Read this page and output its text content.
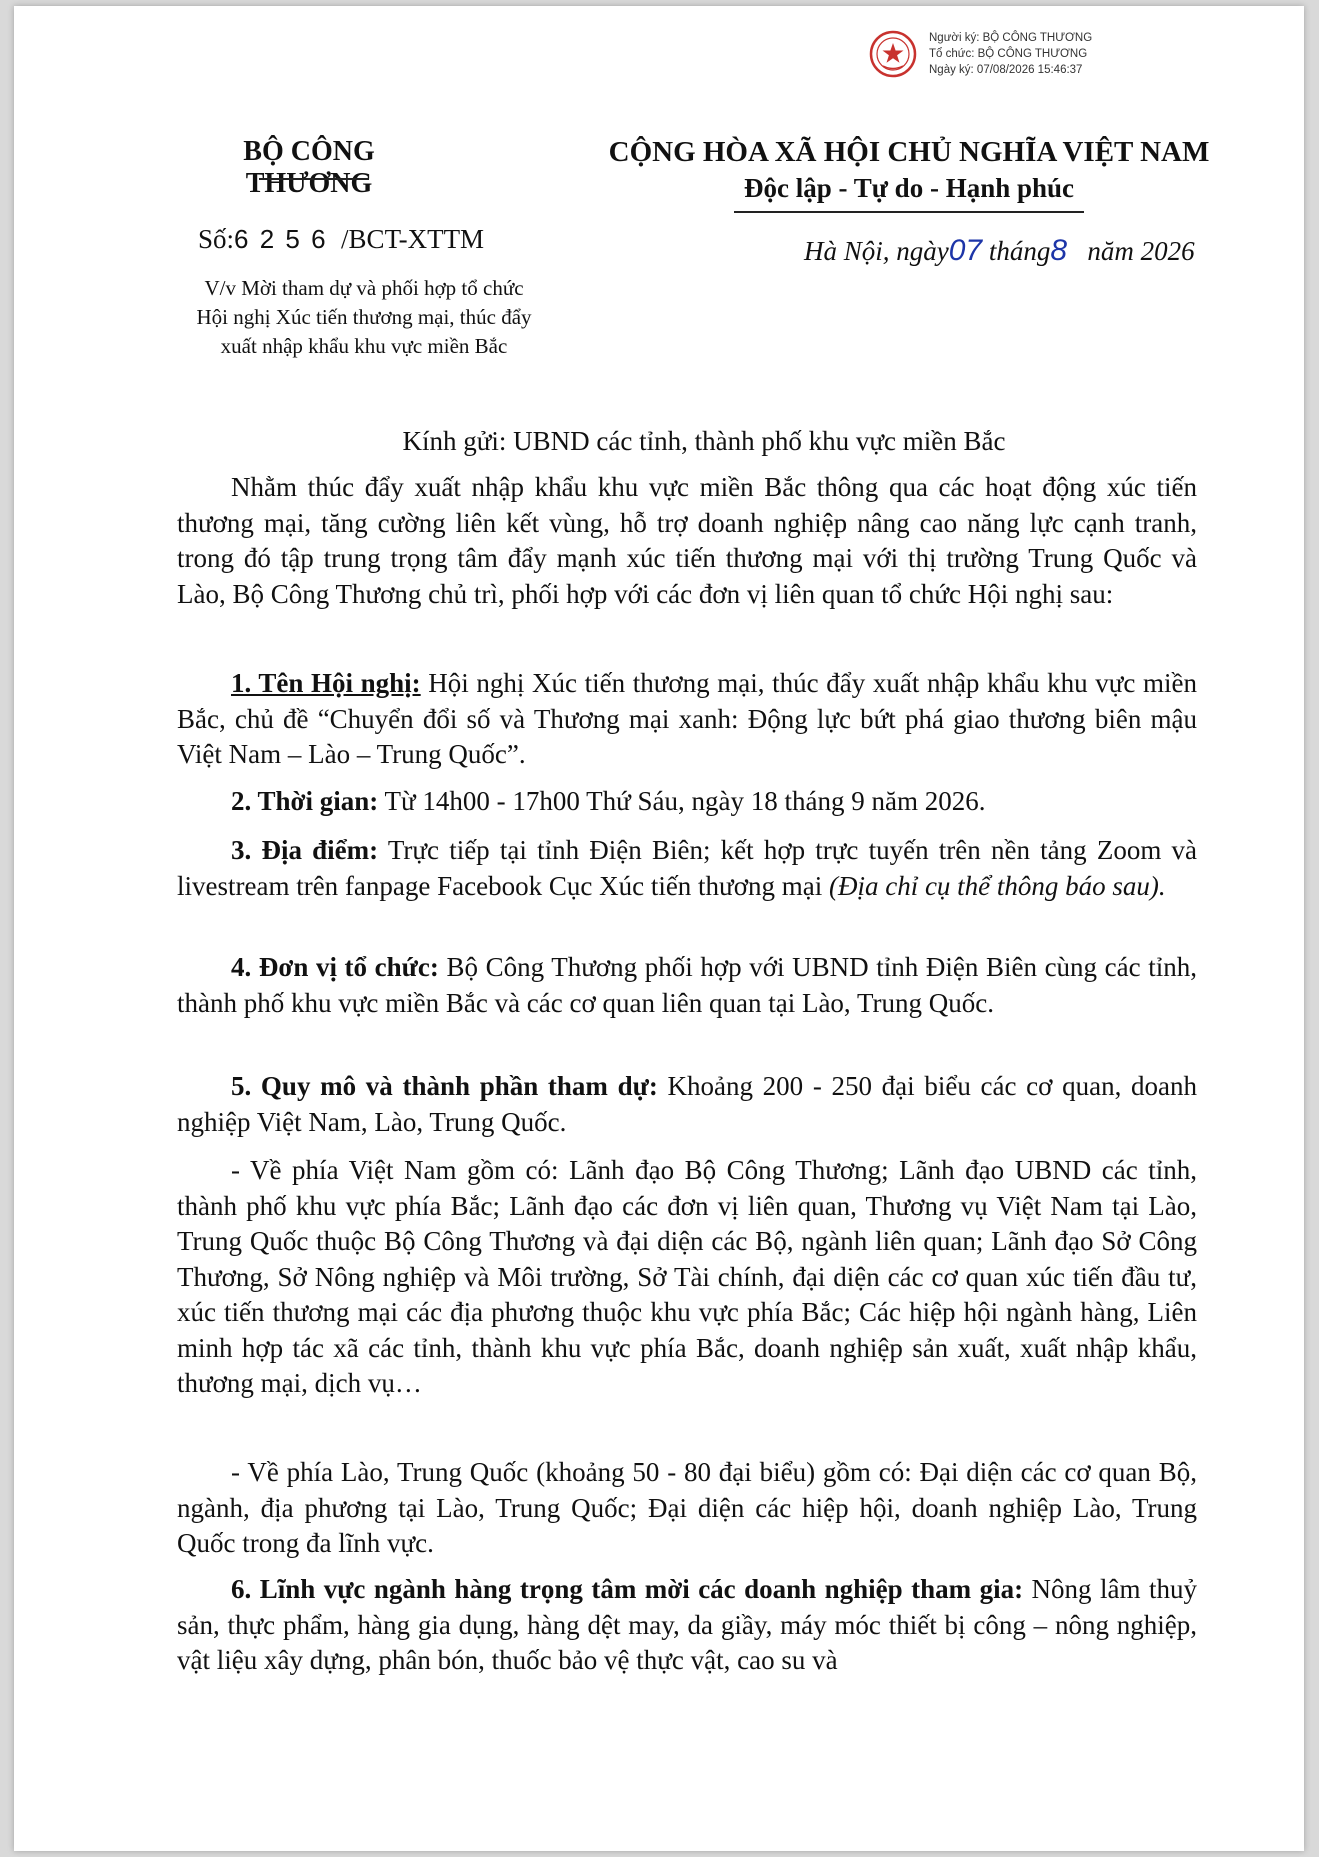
Người ký: BỘ CÔNG THƯƠNG
Tổ chức: BỘ CÔNG THƯƠNG
Ngày ký: 07/08/2026 15:46:37
BỘ CÔNG THƯƠNG
CỘNG HÒA XÃ HỘI CHỦ NGHĨA VIỆT NAM
Độc lập - Tự do - Hạnh phúc
Số:6 2 5 6 /BCT-XTTM	Hà Nội, ngày07 tháng8 năm 2026
V/v Mời tham dự và phối hợp tổ chức
Hội nghị Xúc tiến thương mại, thúc đẩy
xuất nhập khẩu khu vực miền Bắc
Kính gửi: UBND các tỉnh, thành phố khu vực miền Bắc
Nhằm thúc đẩy xuất nhập khẩu khu vực miền Bắc thông qua các hoạt động xúc tiến thương mại, tăng cường liên kết vùng, hỗ trợ doanh nghiệp nâng cao năng lực cạnh tranh, trong đó tập trung trọng tâm đẩy mạnh xúc tiến thương mại với thị trường Trung Quốc và Lào, Bộ Công Thương chủ trì, phối hợp với các đơn vị liên quan tổ chức Hội nghị sau:
1. Tên Hội nghị: Hội nghị Xúc tiến thương mại, thúc đẩy xuất nhập khẩu khu vực miền Bắc, chủ đề “Chuyển đổi số và Thương mại xanh: Động lực bứt phá giao thương biên mậu Việt Nam – Lào – Trung Quốc”.
2. Thời gian: Từ 14h00 - 17h00 Thứ Sáu, ngày 18 tháng 9 năm 2026.
3. Địa điểm: Trực tiếp tại tỉnh Điện Biên; kết hợp trực tuyến trên nền tảng Zoom và livestream trên fanpage Facebook Cục Xúc tiến thương mại (Địa chỉ cụ thể thông báo sau).
4. Đơn vị tổ chức: Bộ Công Thương phối hợp với UBND tỉnh Điện Biên cùng các tỉnh, thành phố khu vực miền Bắc và các cơ quan liên quan tại Lào, Trung Quốc.
5. Quy mô và thành phần tham dự: Khoảng 200 - 250 đại biểu các cơ quan, doanh nghiệp Việt Nam, Lào, Trung Quốc.
- Về phía Việt Nam gồm có: Lãnh đạo Bộ Công Thương; Lãnh đạo UBND các tỉnh, thành phố khu vực phía Bắc; Lãnh đạo các đơn vị liên quan, Thương vụ Việt Nam tại Lào, Trung Quốc thuộc Bộ Công Thương và đại diện các Bộ, ngành liên quan; Lãnh đạo Sở Công Thương, Sở Nông nghiệp và Môi trường, Sở Tài chính, đại diện các cơ quan xúc tiến đầu tư, xúc tiến thương mại các địa phương thuộc khu vực phía Bắc; Các hiệp hội ngành hàng, Liên minh hợp tác xã các tỉnh, thành khu vực phía Bắc, doanh nghiệp sản xuất, xuất nhập khẩu, thương mại, dịch vụ…
- Về phía Lào, Trung Quốc (khoảng 50 - 80 đại biểu) gồm có: Đại diện các cơ quan Bộ, ngành, địa phương tại Lào, Trung Quốc; Đại diện các hiệp hội, doanh nghiệp Lào, Trung Quốc trong đa lĩnh vực.
6. Lĩnh vực ngành hàng trọng tâm mời các doanh nghiệp tham gia: Nông lâm thuỷ sản, thực phẩm, hàng gia dụng, hàng dệt may, da giầy, máy móc thiết bị công – nông nghiệp, vật liệu xây dựng, phân bón, thuốc bảo vệ thực vật, cao su và
